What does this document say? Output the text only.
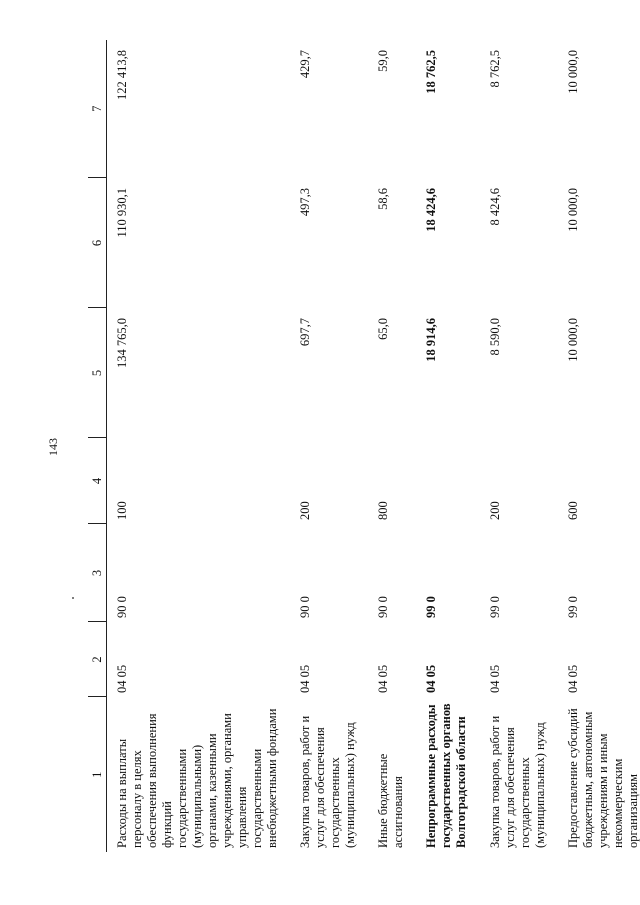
143
1	2	3	4	5	6	7
Расходы на выплаты персоналу в целях обеспечения выполнения функций государственными (муниципальными) органами, казенными учреждениями, органами управления государственными внебюджетными фондами	04 05	90 0	100	134 765,0	110 930,1	122 413,8
Закупка товаров, работ и услуг для обеспечения государственных (муниципальных) нужд	04 05	90 0	200	697,7	497,3	429,7
Иные бюджетные ассигнования	04 05	90 0	800	65,0	58,6	59,0
Непрограммные расходы государственных органов Волгоградской области	04 05	99 0		18 914,6	18 424,6	18 762,5
Закупка товаров, работ и услуг для обеспечения государственных (муниципальных) нужд	04 05	99 0	200	8 590,0	8 424,6	8 762,5
Предоставление субсидий бюджетным, автономным учреждениям и иным некоммерческим организациям	04 05	99 0	600	10 000,0	10 000,0	10 000,0
